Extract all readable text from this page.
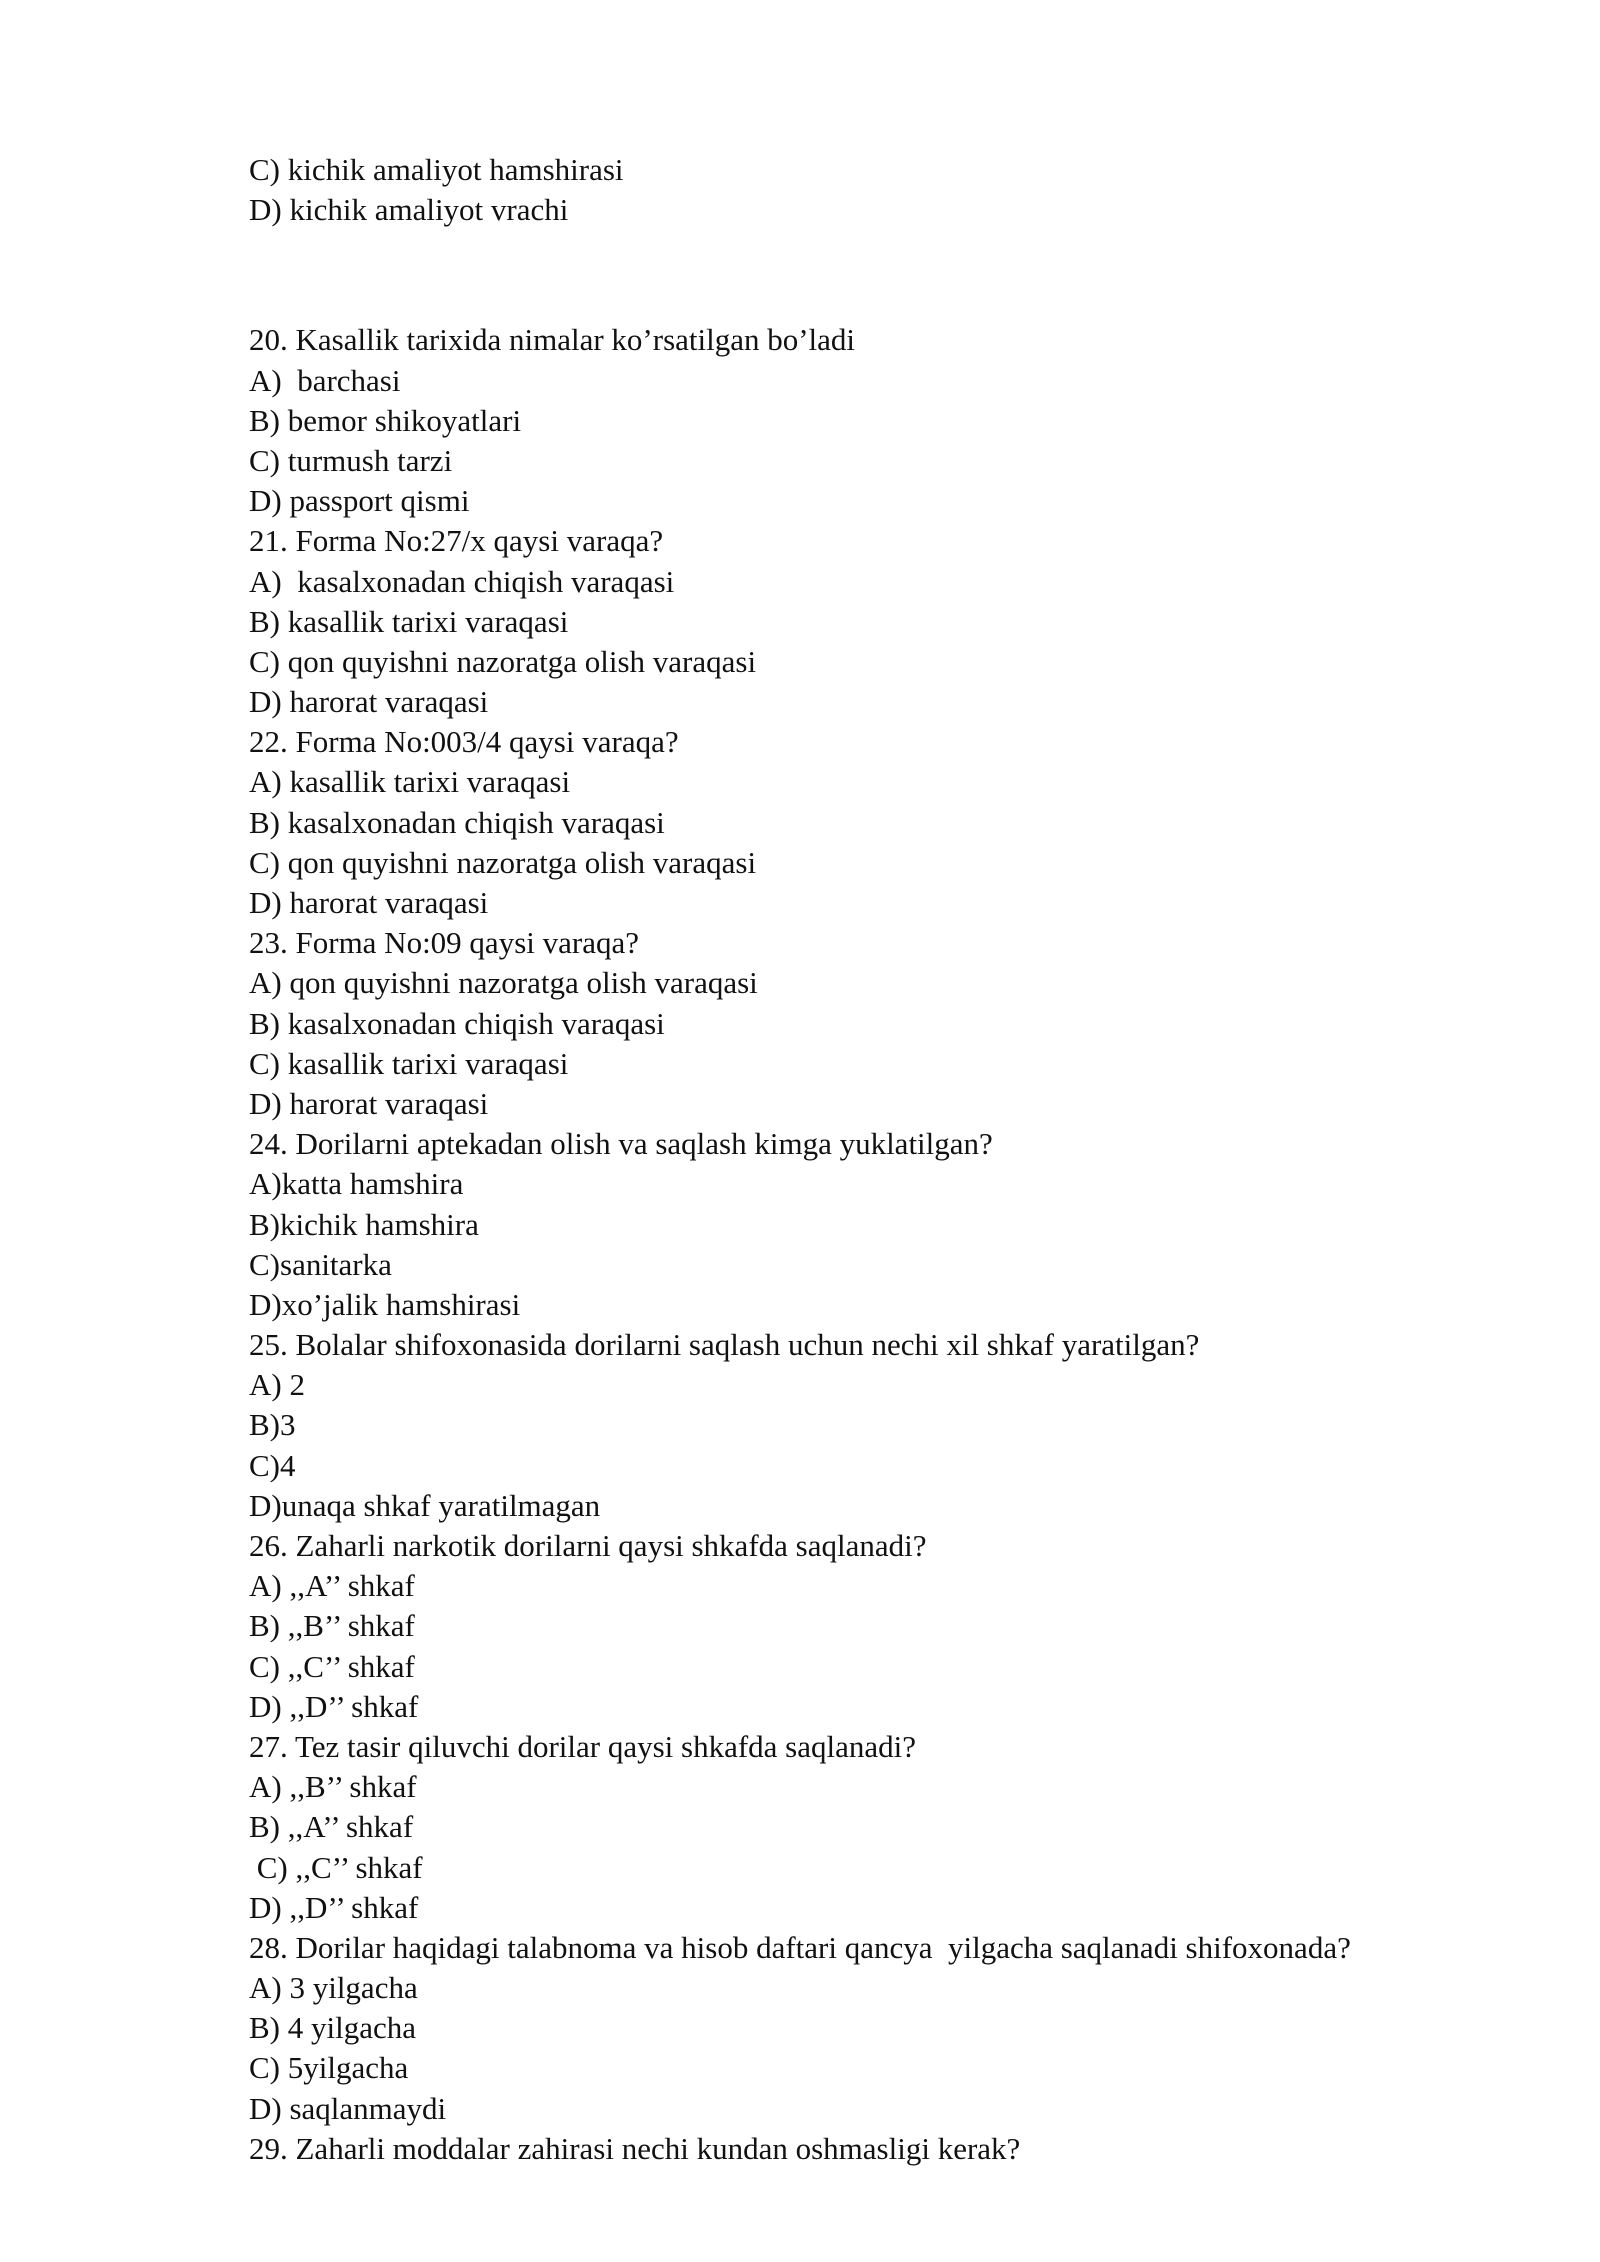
C) kichik amaliyot hamshirasi
D) kichik amaliyot vrachi
20. Kasallik tarixida nimalar ko’rsatilgan bo’ladi
A)  barchasi
B) bemor shikoyatlari
C) turmush tarzi
D) passport qismi
21. Forma No:27/x qaysi varaqa?
A)  kasalxonadan chiqish varaqasi
B) kasallik tarixi varaqasi
C) qon quyishni nazoratga olish varaqasi
D) harorat varaqasi
22. Forma No:003/4 qaysi varaqa?
A) kasallik tarixi varaqasi
B) kasalxonadan chiqish varaqasi
C) qon quyishni nazoratga olish varaqasi
D) harorat varaqasi
23. Forma No:09 qaysi varaqa?
A) qon quyishni nazoratga olish varaqasi
B) kasalxonadan chiqish varaqasi
C) kasallik tarixi varaqasi
D) harorat varaqasi
24. Dorilarni aptekadan olish va saqlash kimga yuklatilgan?
A)katta hamshira
B)kichik hamshira
C)sanitarka
D)xo’jalik hamshirasi
25. Bolalar shifoxonasida dorilarni saqlash uchun nechi xil shkaf yaratilgan?
A) 2
B)3
C)4
D)unaqa shkaf yaratilmagan
26. Zaharli narkotik dorilarni qaysi shkafda saqlanadi?
A) ,,A’’ shkaf
B) ,,B’’ shkaf
C) ,,C’’ shkaf
D) ,,D’’ shkaf
27. Tez tasir qiluvchi dorilar qaysi shkafda saqlanadi?
A) ,,B’’ shkaf
B) ,,A’’ shkaf
C) ,,C’’ shkaf
D) ,,D’’ shkaf
28. Dorilar haqidagi talabnoma va hisob daftari qancya  yilgacha saqlanadi shifoxonada?
A) 3 yilgacha
B) 4 yilgacha
C) 5yilgacha
D) saqlanmaydi
29. Zaharli moddalar zahirasi nechi kundan oshmasligi kerak?
